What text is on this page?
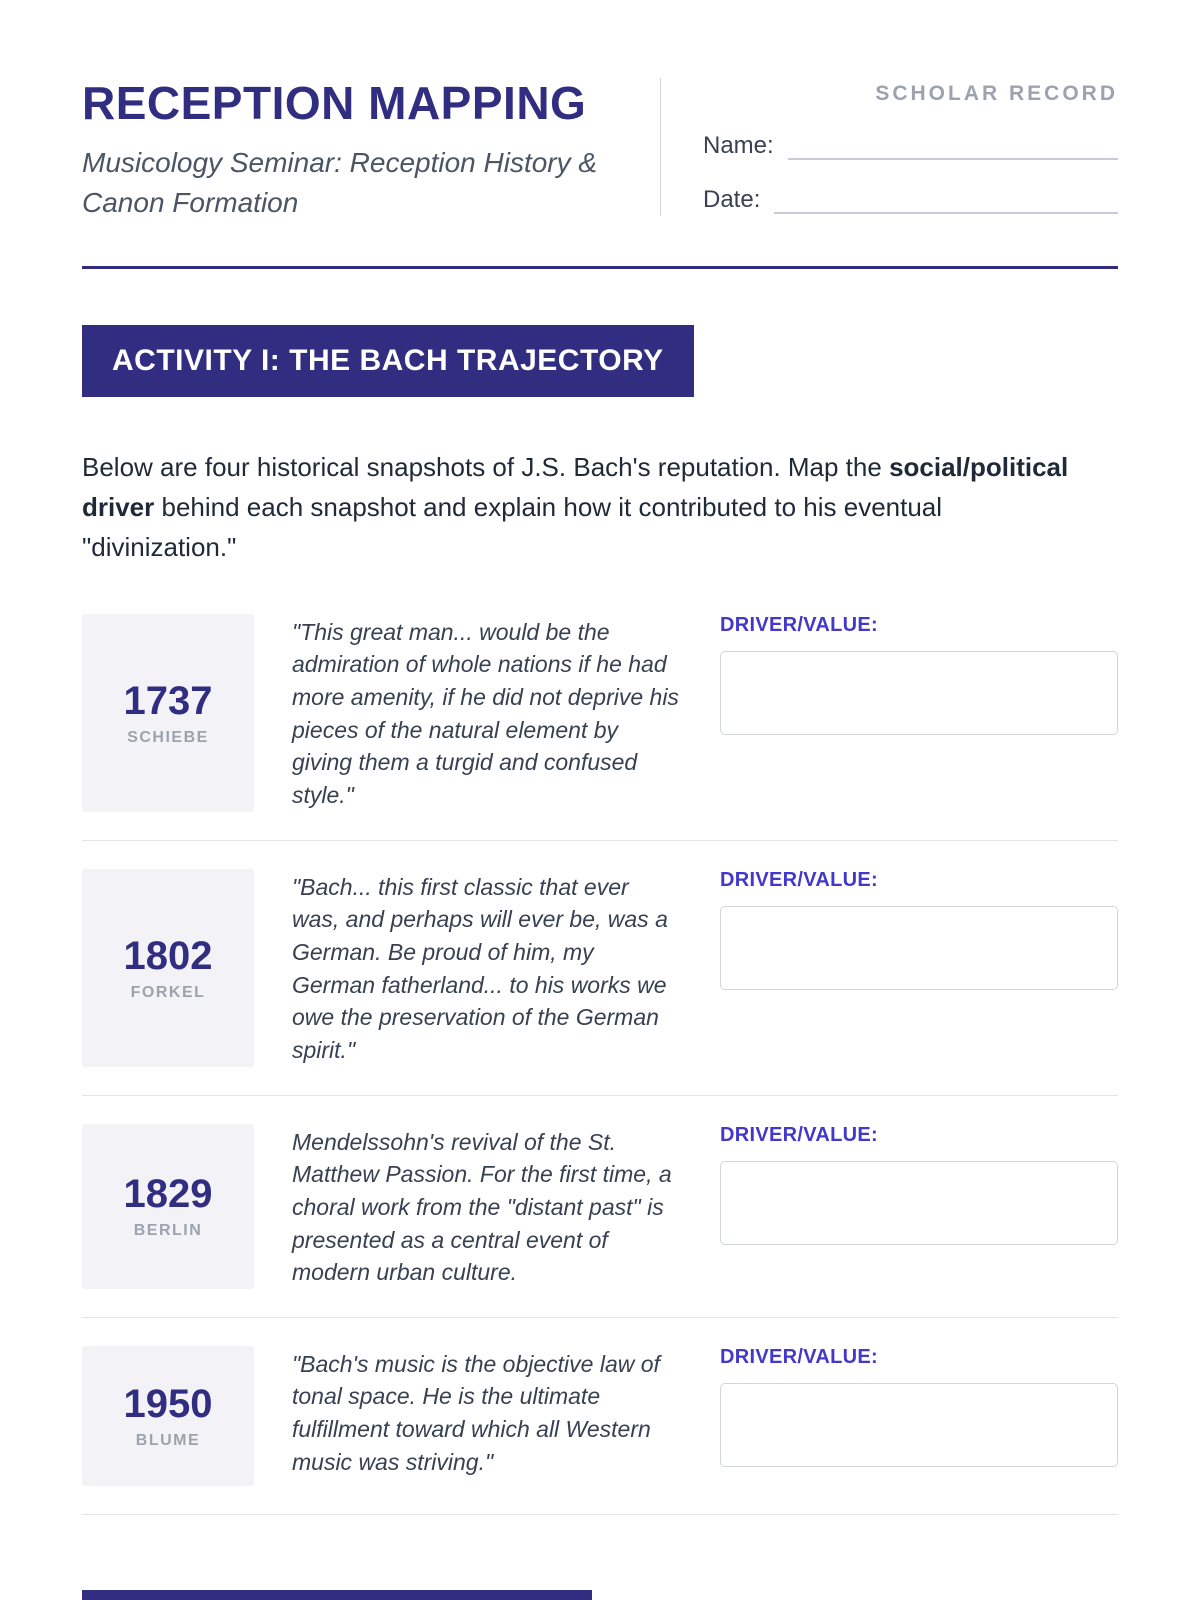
RECEPTION MAPPING

Musicology Seminar: Reception History & Canon Formation

SCHOLAR RECORD
Name:
Date:
ACTIVITY I: THE BACH TRAJECTORY

Below are four historical snapshots of J.S. Bach's reputation. Map the social/political driver behind each snapshot and explain how it contributed to his eventual "divinization."

1737
SCHIEBE
"This great man... would be the admiration of whole nations if he had more amenity, if he did not deprive his pieces of the natural element by giving them a turgid and confused style."
DRIVER/VALUE:
1802
FORKEL
"Bach... this first classic that ever was, and perhaps will ever be, was a German. Be proud of him, my German fatherland... to his works we owe the preservation of the German spirit."
DRIVER/VALUE:
1829
BERLIN
Mendelssohn's revival of the St. Matthew Passion. For the first time, a choral work from the "distant past" is presented as a central event of modern urban culture.
DRIVER/VALUE:
1950
BLUME
"Bach's music is the objective law of tonal space. He is the ultimate fulfillment toward which all Western music was striving."
DRIVER/VALUE:
